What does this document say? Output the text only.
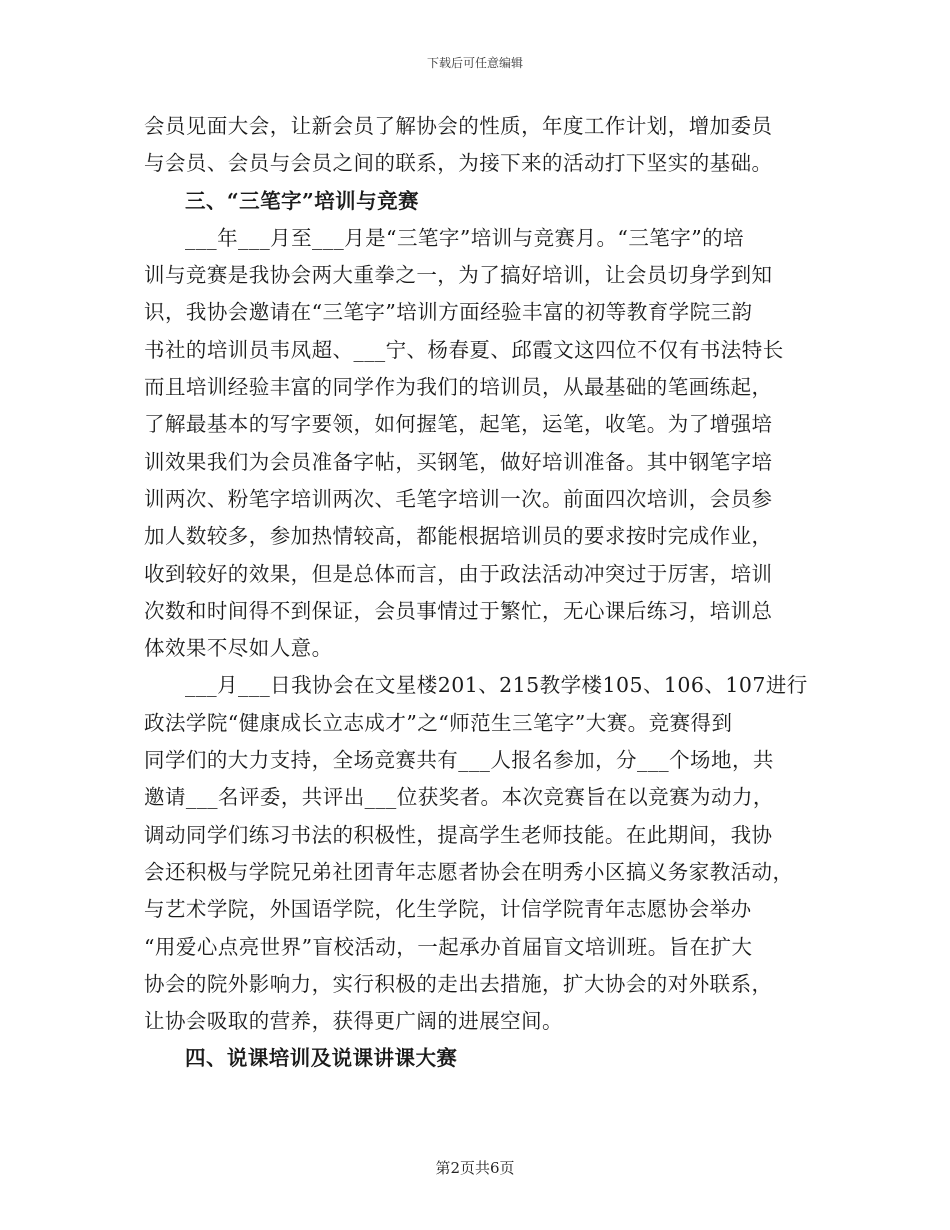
下载后可任意编辑
会员见面大会，让新会员了解协会的性质，年度工作计划，增加委员
与会员、会员与会员之间的联系，为接下来的活动打下坚实的基础。
三、“三笔字”培训与竞赛
___年___月至___月是“三笔字”培训与竞赛月。“三笔字”的培
训与竞赛是我协会两大重拳之一，为了搞好培训，让会员切身学到知
识，我协会邀请在“三笔字”培训方面经验丰富的初等教育学院三韵
书社的培训员韦凤超、___宁、杨春夏、邱霞文这四位不仅有书法特长
而且培训经验丰富的同学作为我们的培训员，从最基础的笔画练起，
了解最基本的写字要领，如何握笔，起笔，运笔，收笔。为了增强培
训效果我们为会员准备字帖，买钢笔，做好培训准备。其中钢笔字培
训两次、粉笔字培训两次、毛笔字培训一次。前面四次培训，会员参
加人数较多，参加热情较高，都能根据培训员的要求按时完成作业，
收到较好的效果，但是总体而言，由于政法活动冲突过于厉害，培训
次数和时间得不到保证，会员事情过于繁忙，无心课后练习，培训总
体效果不尽如人意。
___月___日我协会在文星楼201、215教学楼105、106、107进行
政法学院“健康成长立志成才”之“师范生三笔字”大赛。竞赛得到
同学们的大力支持，全场竞赛共有___人报名参加，分___个场地，共
邀请___名评委，共评出___位获奖者。本次竞赛旨在以竞赛为动力，
调动同学们练习书法的积极性，提高学生老师技能。在此期间，我协
会还积极与学院兄弟社团青年志愿者协会在明秀小区搞义务家教活动，
与艺术学院，外国语学院，化生学院，计信学院青年志愿协会举办
“用爱心点亮世界”盲校活动，一起承办首届盲文培训班。旨在扩大
协会的院外影响力，实行积极的走出去措施，扩大协会的对外联系，
让协会吸取的营养，获得更广阔的进展空间。
四、说课培训及说课讲课大赛
第2页共6页
